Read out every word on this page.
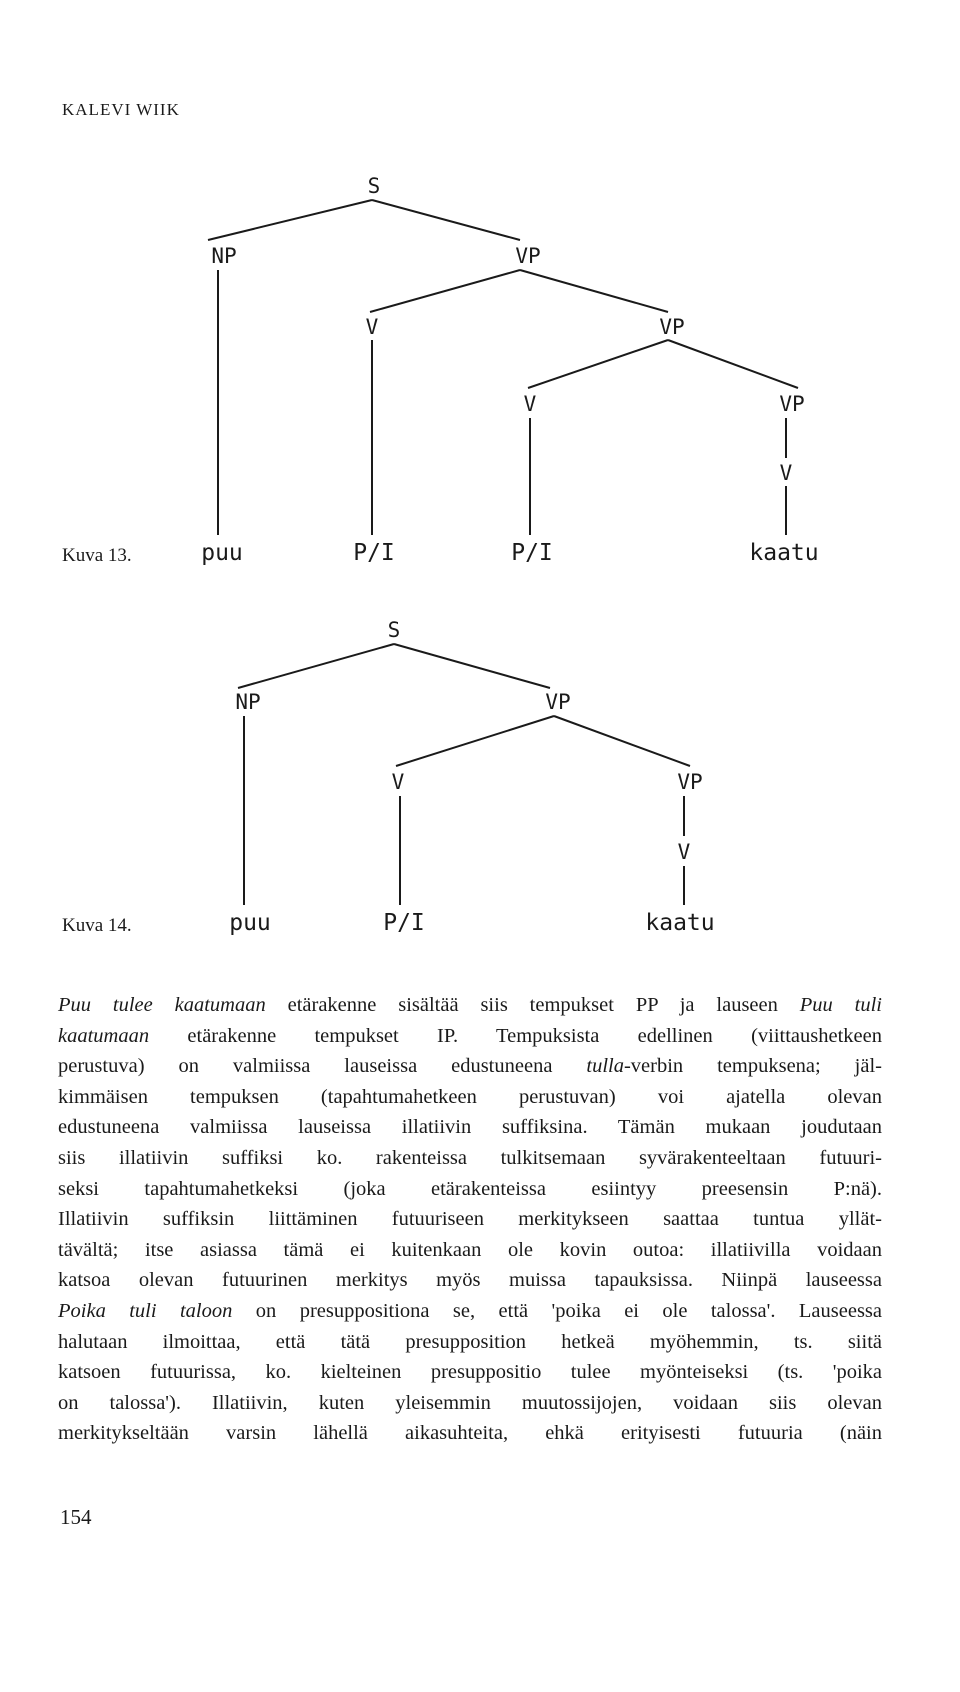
KALEVI WIIK
S
NP	VP
V	VP
V	VP
V
Kuva 13.	puu	P/I	P/I	kaatu
S
NP	VP
V	VP
V
Kuva 14.	puu	P/I	kaatu

Puu tulee kaatumaan etärakenne sisältää siis tempukset PP ja lauseen Puu tuli

kaatumaan etärakenne tempukset IP. Tempuksista edellinen (viittaushetkeen

perustuva) on valmiissa lauseissa edustuneena tulla-verbin tempuksena; jäl-

kimmäisen tempuksen (tapahtumahetkeen perustuvan) voi ajatella olevan

edustuneena valmiissa lauseissa illatiivin suffiksina. Tämän mukaan joudutaan

siis illatiivin suffiksi ko. rakenteissa tulkitsemaan syvärakenteeltaan futuuri-

seksi tapahtumahetkeksi (joka etärakenteissa esiintyy preesensin P:nä).

Illatiivin suffiksin liittäminen futuuriseen merkitykseen saattaa tuntua yllät-

tävältä; itse asiassa tämä ei kuitenkaan ole kovin outoa: illatiivilla voidaan

katsoa olevan futuurinen merkitys myös muissa tapauksissa. Niinpä lauseessa

Poika tuli taloon on presuppositiona se, että 'poika ei ole talossa'. Lauseessa

halutaan ilmoittaa, että tätä presupposition hetkeä myöhemmin, ts. siitä

katsoen futuurissa, ko. kielteinen presuppositio tulee myönteiseksi (ts. 'poika

on talossa'). Illatiivin, kuten yleisemmin muutossijojen, voidaan siis olevan

merkitykseltään varsin lähellä aikasuhteita, ehkä erityisesti futuuria (näin

154
